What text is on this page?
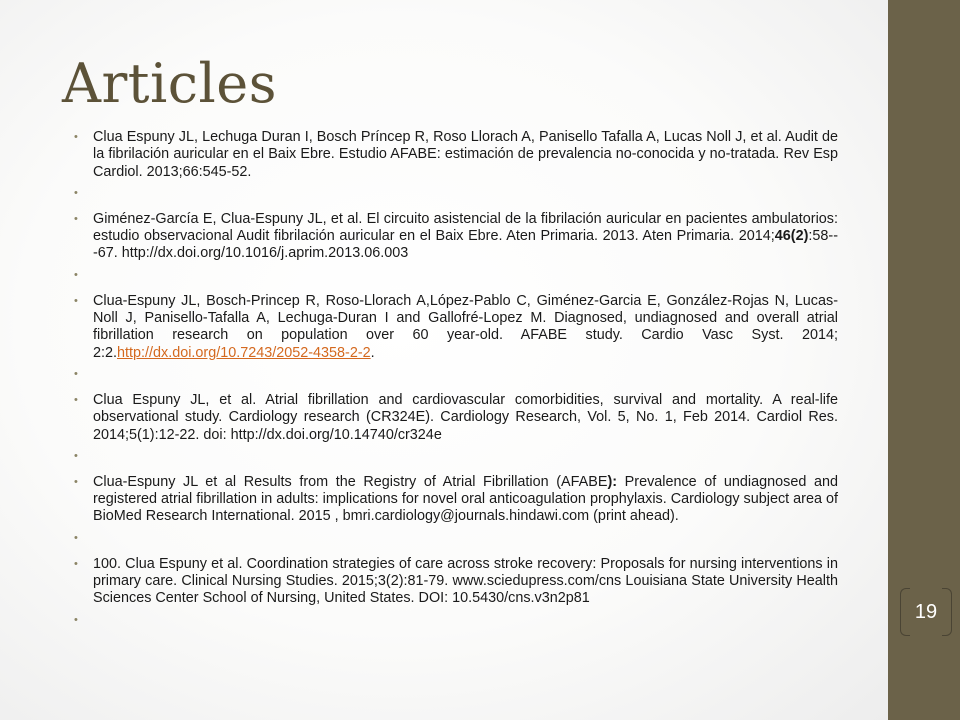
Articles
• Clua Espuny JL, Lechuga Duran I, Bosch Príncep R, Roso Llorach A, Panisello Tafalla A, Lucas Noll J, et al. Audit de la fibrilación auricular en el Baix Ebre. Estudio AFABE: estimación de prevalencia no-conocida y no-tratada. Rev Esp Cardiol. 2013;66:545-52.
•
• Giménez-García E, Clua-Espuny JL, et al. El circuito asistencial de la fibrilación auricular en pacientes ambulatorios: estudio observacional Audit fibrilación auricular en el Baix Ebre. Aten Primaria. 2013. Aten Primaria. 2014;46(2):58---67. http://dx.doi.org/10.1016/j.aprim.2013.06.003
•
• Clua-Espuny JL, Bosch-Princep R, Roso-Llorach A,López-Pablo C, Giménez-Garcia E, González-Rojas N, Lucas-Noll J, Panisello-Tafalla A, Lechuga-Duran I and Gallofré-Lopez M. Diagnosed, undiagnosed and overall atrial fibrillation research on population over 60 year-old. AFABE study. Cardio Vasc Syst. 2014; 2:2.http://dx.doi.org/10.7243/2052-4358-2-2.
•
• Clua Espuny JL, et al. Atrial fibrillation and cardiovascular comorbidities, survival and mortality. A real-life observational study. Cardiology research (CR324E). Cardiology Research, Vol. 5, No. 1, Feb 2014. Cardiol Res. 2014;5(1):12-22. doi: http://dx.doi.org/10.14740/cr324e
•
• Clua-Espuny JL et al Results from the Registry of Atrial Fibrillation (AFABE): Prevalence of undiagnosed and registered atrial fibrillation in adults: implications for novel oral anticoagulation prophylaxis. Cardiology subject area of BioMed Research International. 2015 , bmri.cardiology@journals.hindawi.com (print ahead).
•
• 100. Clua Espuny et al. Coordination strategies of care across stroke recovery: Proposals for nursing interventions in primary care. Clinical Nursing Studies. 2015;3(2):81-79. www.sciedupress.com/cns Louisiana State University Health Sciences Center School of Nursing, United States. DOI: 10.5430/cns.v3n2p81
•
19
